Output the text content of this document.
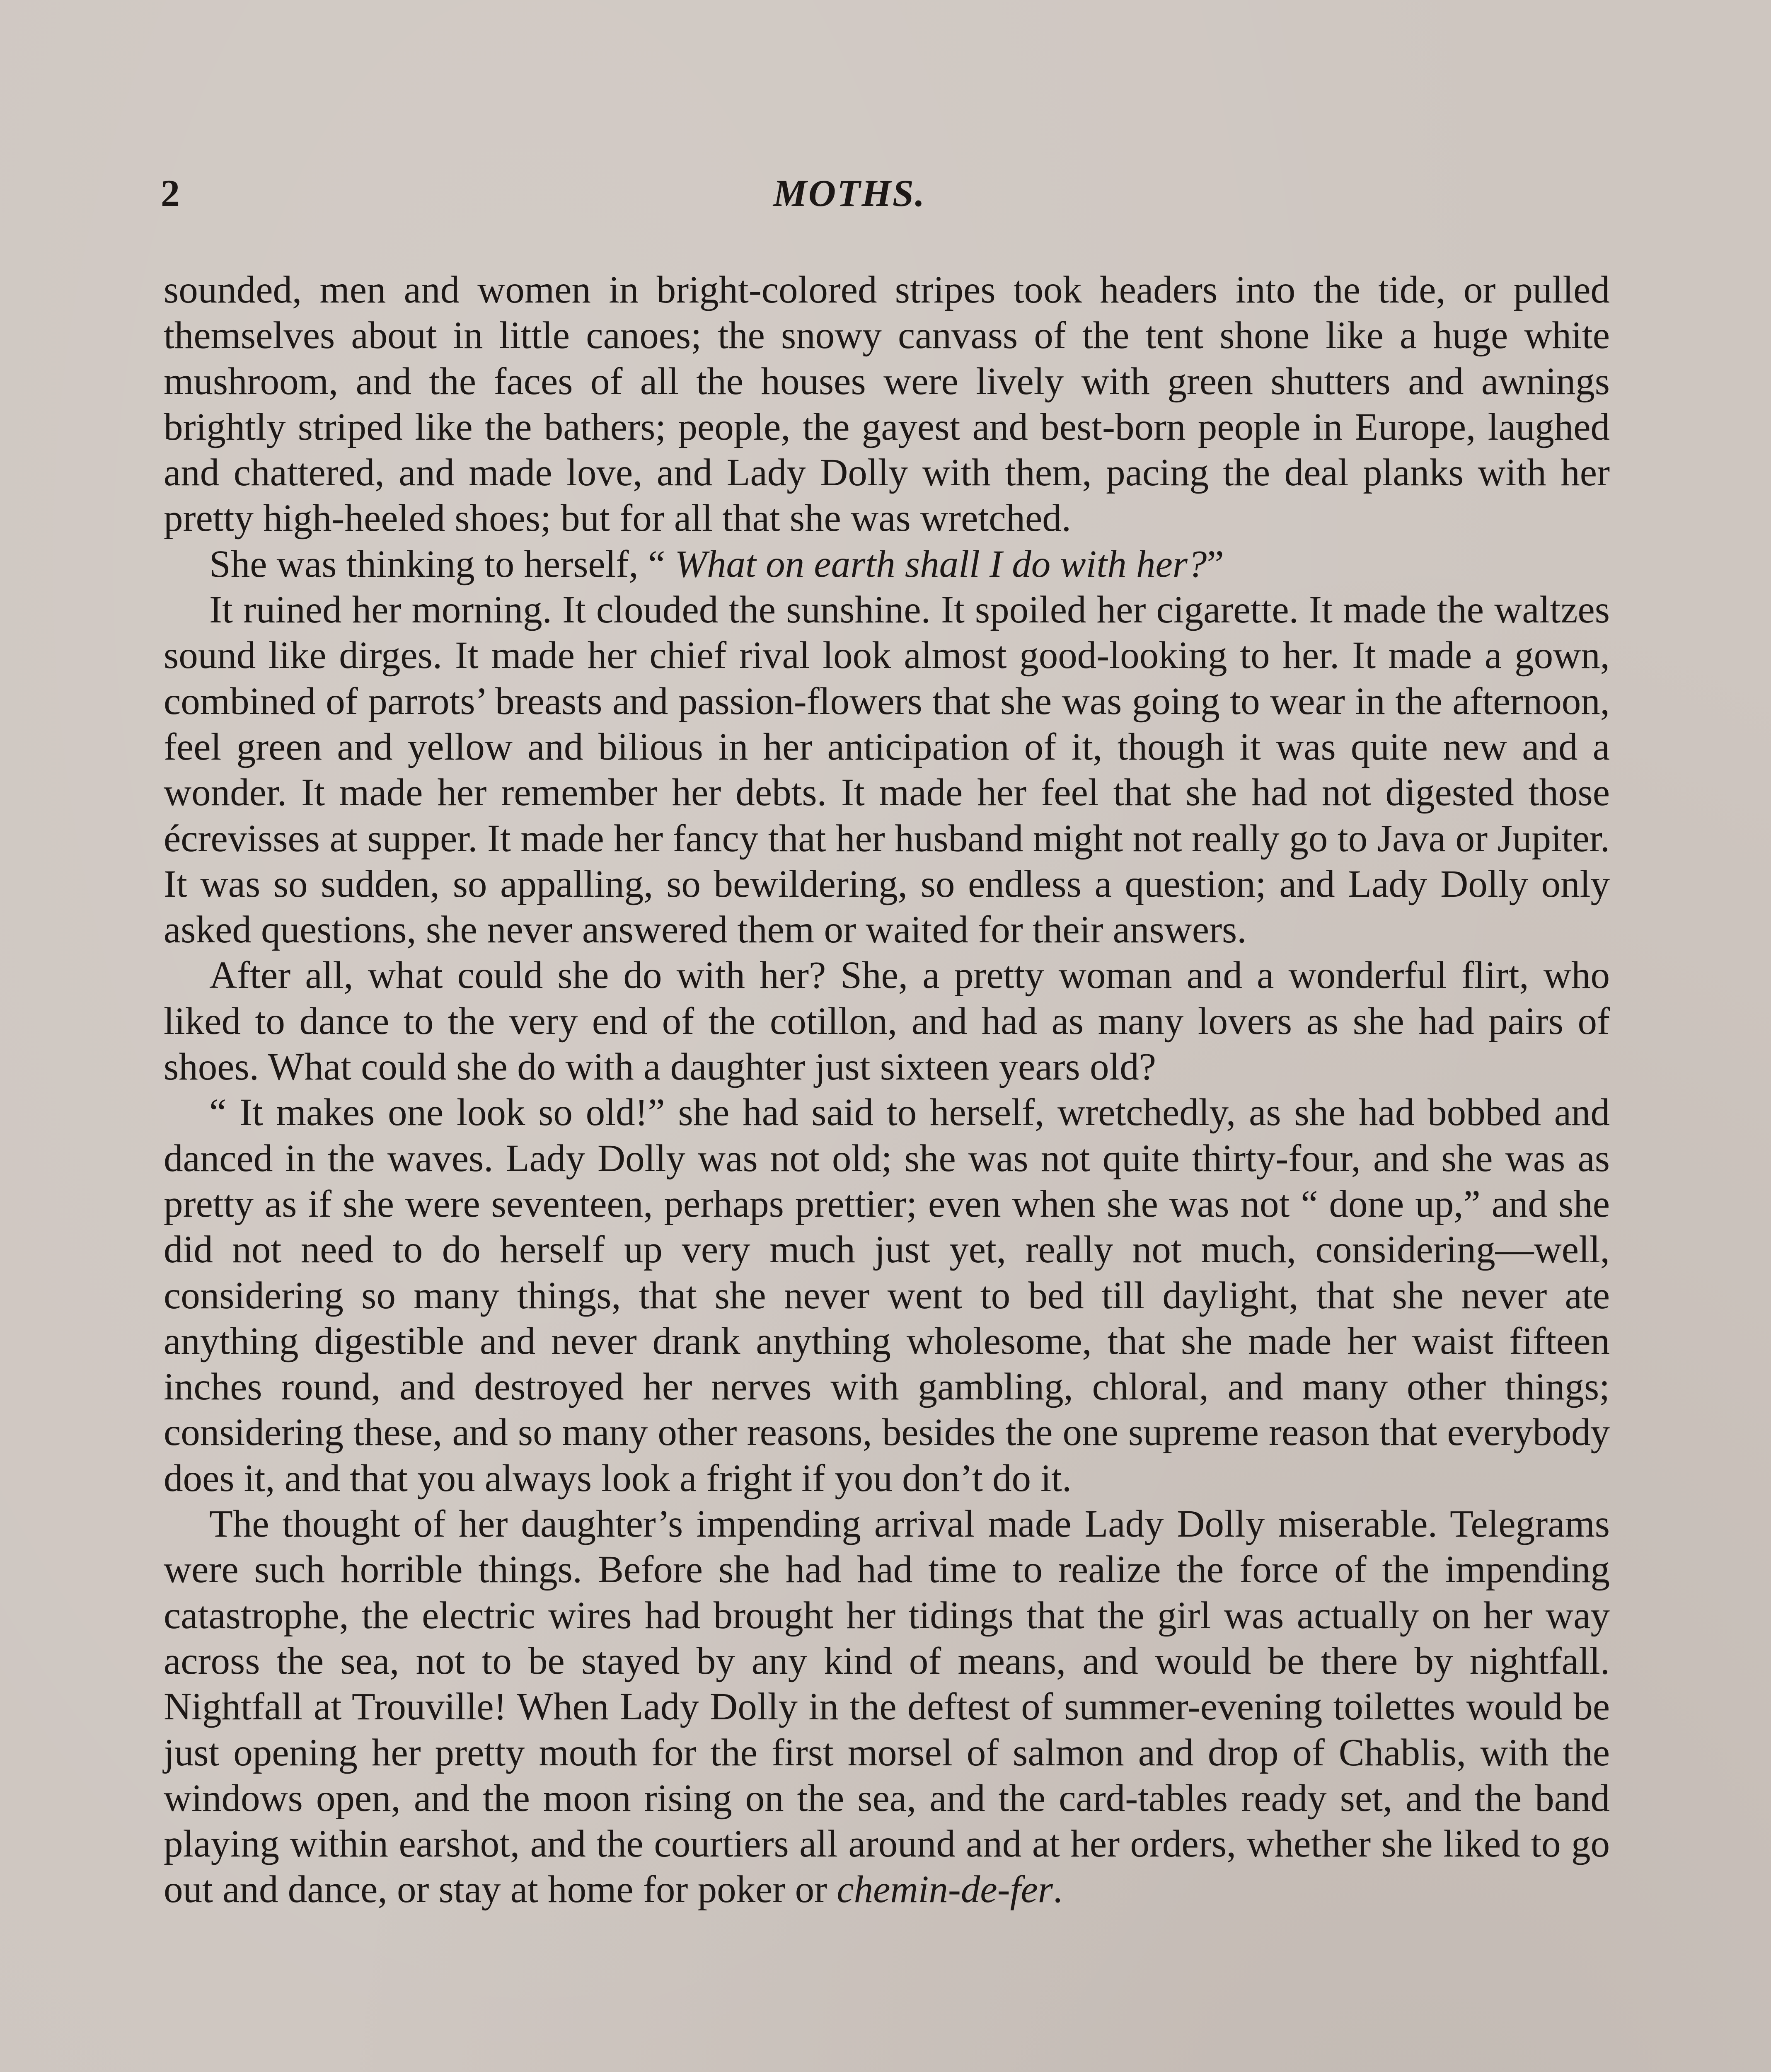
2	MOTHS.

sounded, men and women in bright-colored stripes took headers into the tide, or pulled themselves about in little canoes; the snowy canvass of the tent shone like a huge white mushroom, and the faces of all the houses were lively with green shutters and awnings brightly striped like the bathers; people, the gayest and best-born people in Europe, laughed and chattered, and made love, and Lady Dolly with them, pacing the deal planks with her pretty high-heeled shoes; but for all that she was wretched.

She was thinking to herself, “ What on earth shall I do with her?”

It ruined her morning. It clouded the sunshine. It spoiled her cigarette. It made the waltzes sound like dirges. It made her chief rival look almost good-looking to her. It made a gown, combined of parrots’ breasts and passion-flowers that she was going to wear in the afternoon, feel green and yellow and bilious in her anticipation of it, though it was quite new and a wonder. It made her remember her debts. It made her feel that she had not digested those écrevisses at supper. It made her fancy that her husband might not really go to Java or Jupiter. It was so sudden, so appalling, so bewildering, so endless a question; and Lady Dolly only asked questions, she never answered them or waited for their answers.

After all, what could she do with her? She, a pretty woman and a wonderful flirt, who liked to dance to the very end of the cotillon, and had as many lovers as she had pairs of shoes. What could she do with a daughter just sixteen years old?

“ It makes one look so old!” she had said to herself, wretchedly, as she had bobbed and danced in the waves. Lady Dolly was not old; she was not quite thirty-four, and she was as pretty as if she were seventeen, perhaps prettier; even when she was not “ done up,” and she did not need to do herself up very much just yet, really not much, considering—well, considering so many things, that she never went to bed till daylight, that she never ate anything digestible and never drank anything wholesome, that she made her waist fifteen inches round, and destroyed her nerves with gambling, chloral, and many other things; considering these, and so many other reasons, besides the one supreme reason that everybody does it, and that you always look a fright if you don’t do it.

The thought of her daughter’s impending arrival made Lady Dolly miserable. Telegrams were such horrible things. Before she had had time to realize the force of the impending catastrophe, the electric wires had brought her tidings that the girl was actually on her way across the sea, not to be stayed by any kind of means, and would be there by nightfall. Nightfall at Trouville! When Lady Dolly in the deftest of summer-evening toilettes would be just opening her pretty mouth for the first morsel of salmon and drop of Chablis, with the windows open, and the moon rising on the sea, and the card-tables ready set, and the band playing within earshot, and the courtiers all around and at her orders, whether she liked to go out and dance, or stay at home for poker or chemin-de-fer.
